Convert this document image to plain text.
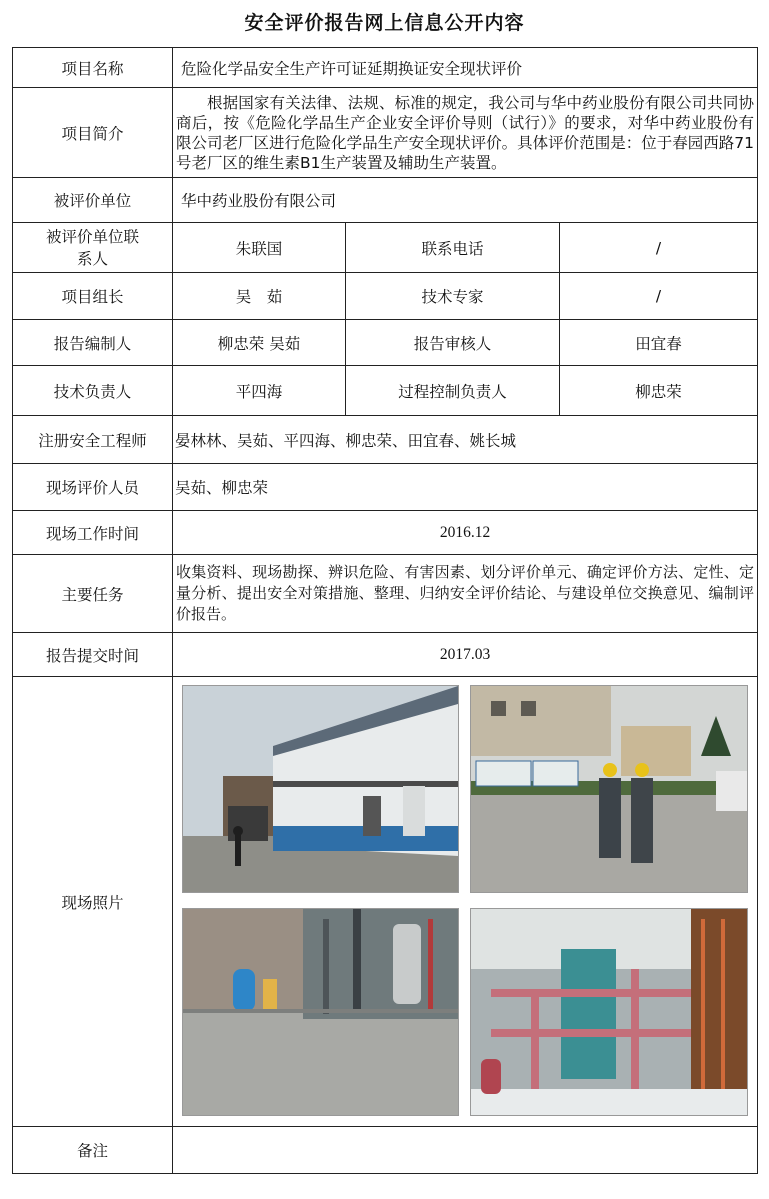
安全评价报告网上信息公开内容
项目名称	危险化学品安全生产许可证延期换证安全现状评价		
项目简介	根据国家有关法律、法规、标准的规定，我公司与华中药业股份有限公司共同协商后，按《危险化学品生产企业安全评价导则（试行）》的要求，对华中药业股份有限公司老厂区进行危险化学品生产安全现状评价。具体评价范围是：位于春园西路71号老厂区的维生素B1生产装置及辅助生产装置。		

被评价单位	华中药业股份有限公司		

被评价单位联系人	朱联国	联系电话	/
项目组长	吴　茹	技术专家	/
报告编制人	柳忠荣 吴茹	报告审核人	田宜春
技术负责人	平四海	过程控制负责人	柳忠荣
注册安全工程师	晏林林、吴茹、平四海、柳忠荣、田宜春、姚长城		
现场评价人员	吴茹、柳忠荣		
现场工作时间	2016.12		
主要任务	收集资料、现场勘探、辨识危险、有害因素、划分评价单元、确定评价方法、定性、定量分析、提出安全对策措施、整理、归纳安全评价结论、与建设单位交换意见、编制评价报告。		
报告提交时间	2017.03		
现场照片	

备注			
